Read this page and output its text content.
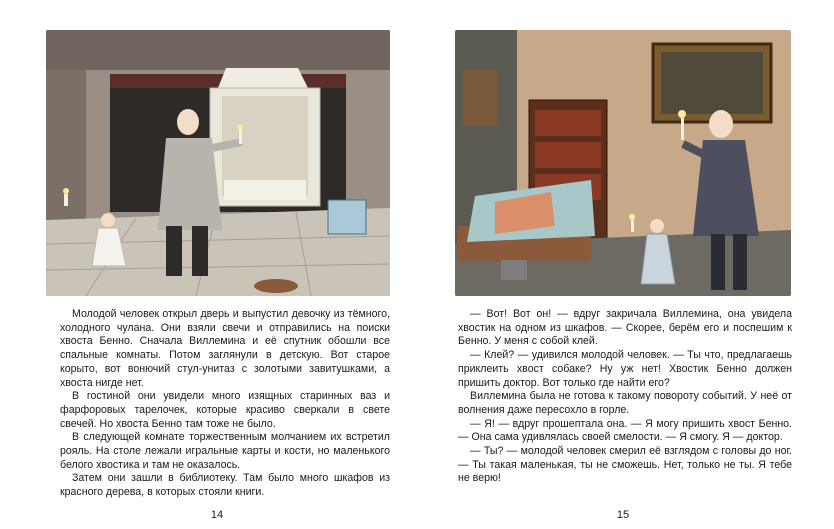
Молодой человек открыл дверь и выпустил девочку из тёмного, холодного чулана. Они взяли свечи и отправились на поиски хвоста Бенно. Сначала Виллемина и её спутник обошли все спальные комнаты. Потом заглянули в детскую. Вот старое корыто, вот вонючий стул-унитаз с золотыми завитушками, а хвоста нигде нет.

В гостиной они увидели много изящных старинных ваз и фарфоровых тарелочек, которые красиво сверкали в свете свечей. Но хвоста Бенно там тоже не было.

В следующей комнате торжественным молчанием их встретил рояль. На столе лежали игральные карты и кости, но маленького белого хвостика и там не оказалось.

Затем они зашли в библиотеку. Там было много шкафов из красного дерева, в которых стояли книги.

14

— Вот! Вот он! — вдруг закричала Виллемина, она увидела хвостик на одном из шкафов. — Скорее, берём его и поспешим к Бенно. У меня с собой клей.

— Клей? — удивился молодой человек. — Ты что, предлагаешь приклеить хвост собаке? Ну уж нет! Хвостик Бенно должен пришить доктор. Вот только где найти его?

Виллемина была не готова к такому повороту событий. У неё от волнения даже пересохло в горле.

— Я! — вдруг прошептала она. — Я могу пришить хвост Бенно. — Она сама удивлялась своей смелости. — Я смогу. Я — доктор.

— Ты? — молодой человек смерил её взглядом с головы до ног. — Ты такая маленькая, ты не сможешь. Нет, только не ты. Я тебе не верю!

15
